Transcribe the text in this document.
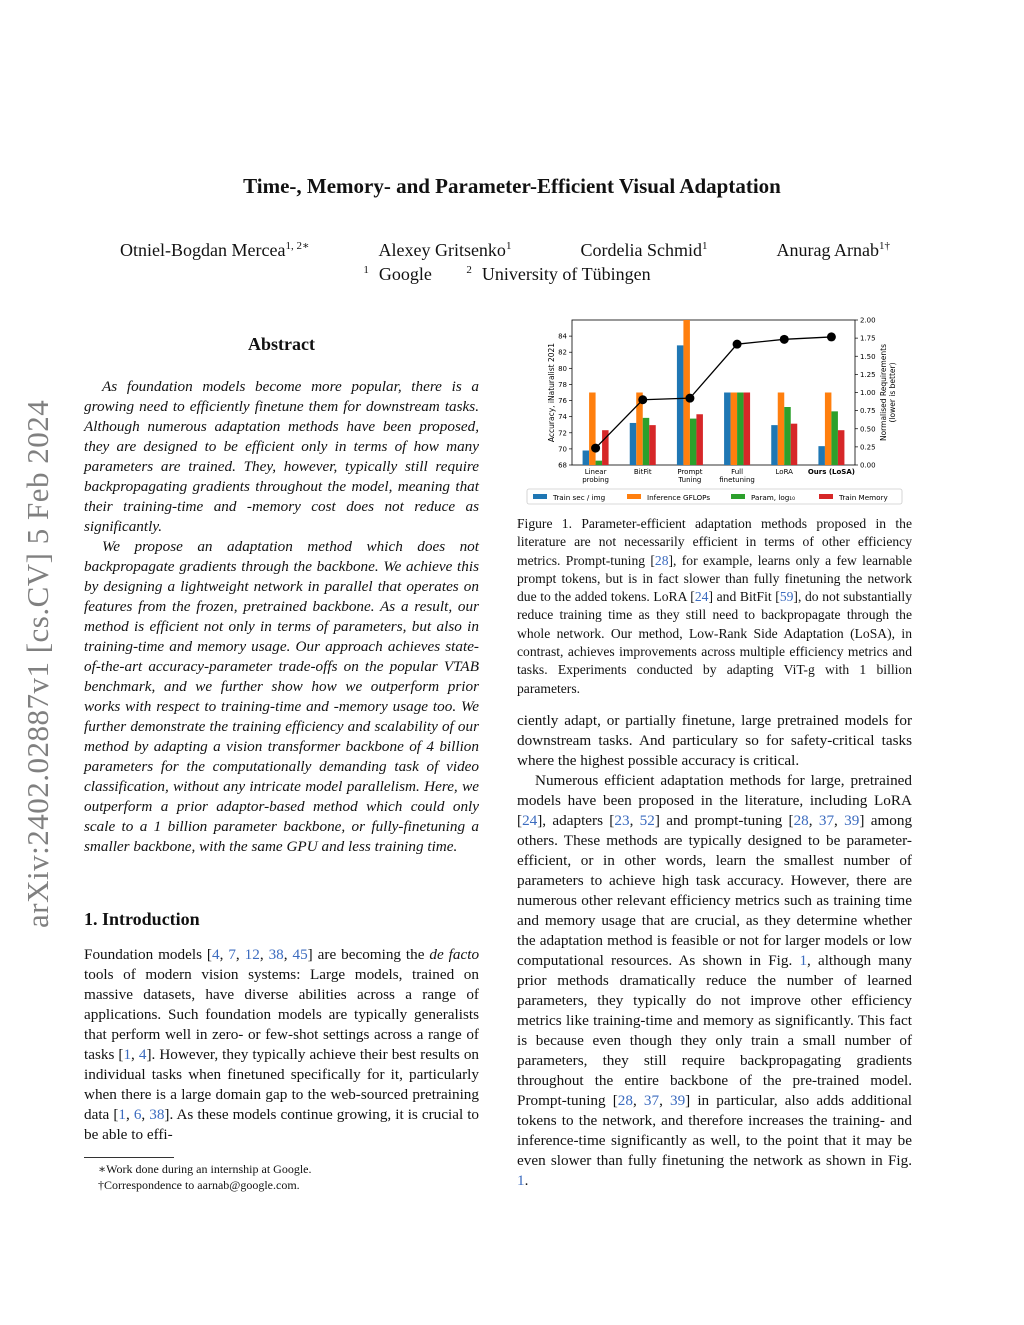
arXiv:2402.02887v1 [cs.CV] 5 Feb 2024
Time-, Memory- and Parameter-Efficient Visual Adaptation
Otniel-Bogdan Mercea$^{1, 2∗}$	Alexey Gritsenko$^1$	Cordelia Schmid$^1$	Anurag Arnab$^{1\dagger}$
$^1$ Google	$^2$ University of Tübingen
Abstract

As foundation models become more popular, there is a growing need to efficiently finetune them for downstream tasks. Although numerous adaptation methods have been proposed, they are designed to be efficient only in terms of how many parameters are trained. They, however, typically still require backpropagating gradients throughout the model, meaning that their training-time and -memory cost does not reduce as significantly.

We propose an adaptation method which does not backpropagate gradients through the backbone. We achieve this by designing a lightweight network in parallel that operates on features from the frozen, pretrained backbone. As a result, our method is efficient not only in terms of parameters, but also in training-time and memory usage. Our approach achieves state-of-the-art accuracy-parameter trade-offs on the popular VTAB benchmark, and we further show how we outperform prior works with respect to training-time and -memory usage too. We further demonstrate the training efficiency and scalability of our method by adapting a vision transformer backbone of 4 billion parameters for the computationally demanding task of video classification, without any intricate model parallelism. Here, we outperform a prior adaptor-based method which could only scale to a 1 billion parameter backbone, or fully-finetuning a smaller backbone, with the same GPU and less training time.

1. Introduction

Foundation models [4, 7, 12, 38, 45] are becoming the de facto tools of modern vision systems: Large models, trained on massive datasets, have diverse abilities across a range of applications. Such foundation models are typically generalists that perform well in zero- or few-shot settings across a range of tasks [1, 4]. However, they typically achieve their best results on individual tasks when finetuned specifically for it, particularly when there is a large domain gap to the web-sourced pretraining data [1, 6, 38]. As these models continue growing, it is crucial to be able to effi-

∗Work done during an internship at Google.
†Correspondence to aarnab@google.com.
68
70
72
74
76
78
80
82
84
0.00
0.25
0.50
0.75
1.00
1.25
1.50
1.75
2.00
Accuracy, iNaturalist 2021	Normalised Requirements (lower is better)
Linear
probing
BitFit	Prompt
Tuning
Full
finetuning
LoRA Ours (LoSA)
Train sec / img	Inference GFLOPs	Param, log₁₀	Train Memory

Figure 1. Parameter-efficient adaptation methods proposed in the literature are not necessarily efficient in terms of other efficiency metrics. Prompt-tuning [28], for example, learns only a few learnable prompt tokens, but is in fact slower than fully finetuning the network due to the added tokens. LoRA [24] and BitFit [59], do not substantially reduce training time as they still need to backpropagate through the whole network. Our method, Low-Rank Side Adaptation (LoSA), in contrast, achieves improvements across multiple efficiency metrics and tasks. Experiments conducted by adapting ViT-g with 1 billion parameters.

ciently adapt, or partially finetune, large pretrained models for downstream tasks. And particulary so for safety-critical tasks where the highest possible accuracy is critical.

Numerous efficient adaptation methods for large, pretrained models have been proposed in the literature, including LoRA [24], adapters [23, 52] and prompt-tuning [28, 37, 39] among others. These methods are typically designed to be parameter-efficient, or in other words, learn the smallest number of parameters to achieve high task accuracy. However, there are numerous other relevant efficiency metrics such as training time and memory usage that are crucial, as they determine whether the adaptation method is feasible or not for larger models or low computational resources. As shown in Fig. 1, although many prior methods dramatically reduce the number of learned parameters, they typically do not improve other efficiency metrics like training-time and memory as significantly. This fact is because even though they only train a small number of parameters, they still require backpropagating gradients throughout the entire backbone of the pre-trained model. Prompt-tuning [28, 37, 39] in particular, also adds additional tokens to the network, and therefore increases the training- and inference-time significantly as well, to the point that it may be even slower than fully finetuning the network as shown in Fig. 1.
